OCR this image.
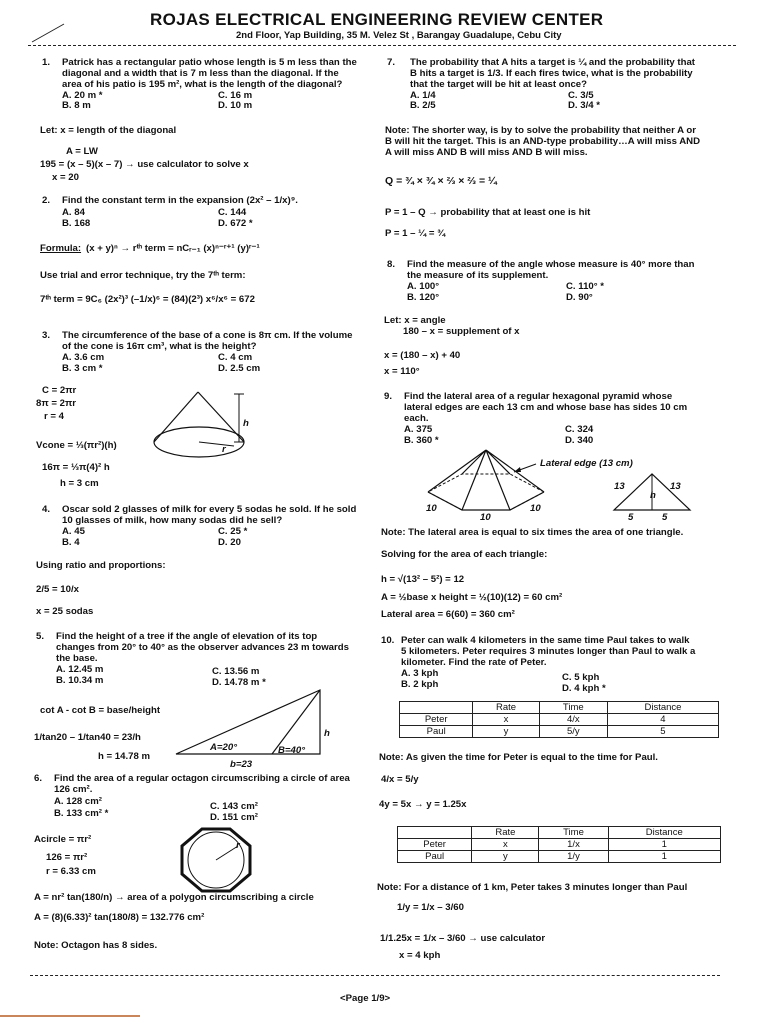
ROJAS ELECTRICAL ENGINEERING REVIEW CENTER
2nd Floor, Yap Building, 35 M. Velez St , Barangay Guadalupe, Cebu City
1. Patrick has a rectangular patio whose length is 5 m less than the
diagonal and a width that is 7 m less than the diagonal. If the
area of his patio is 195 m², what is the length of the diagonal?
A. 20 m *
B. 8 m
C. 16 m
D. 10 m
Let: x = length of the diagonal
A = LW
195 = (x – 5)(x – 7) → use calculator to solve x
x = 20
2. Find the constant term in the expansion (2x² – 1/x)⁹.
A. 84
B. 168
C. 144
D. 672 *
Formula: (x + y)ⁿ → rᵗʰ term = nCᵣ₋₁ (x)ⁿ⁻ʳ⁺¹ (y)ʳ⁻¹
Use trial and error technique, try the 7ᵗʰ term:
7ᵗʰ term = 9C₆ (2x²)³ (–1/x)⁶ = (84)(2³) x⁶/x⁶ = 672
3. The circumference of the base of a cone is 8π cm. If the volume
of the cone is 16π cm³, what is the height?
A. 3.6 cm
B. 3 cm *
C. 4 cm
D. 2.5 cm
C = 2πr
8π = 2πr
r = 4
Vcone = ⅓(πr²)(h)
16π = ⅓π(4)² h
h = 3 cm
h
r
4. Oscar sold 2 glasses of milk for every 5 sodas he sold. If he sold
10 glasses of milk, how many sodas did he sell?
A. 45
B. 4
C. 25 *
D. 20
Using ratio and proportions:
2/5 = 10/x
x = 25 sodas
5. Find the height of a tree if the angle of elevation of its top
changes from 20° to 40° as the observer advances 23 m towards
the base.
A. 12.45 m
B. 10.34 m
C. 13.56 m
D. 14.78 m *
cot A - cot B = base/height
1/tan20 – 1/tan40 = 23/h
h = 14.78 m
A=20°	B=40°
b=23
h
6. Find the area of a regular octagon circumscribing a circle of area
126 cm².
A. 128 cm²
B. 133 cm² *
C. 143 cm²
D. 151 cm²
Acircle = πr²
126 = πr²
r = 6.33 cm
A = nr² tan(180/n) → area of a polygon circumscribing a circle
A = (8)(6.33)² tan(180/8) = 132.776 cm²
Note: Octagon has 8 sides.
r
7. The probability that A hits a target is ¼ and the probability that
B hits a target is 1/3. If each fires twice, what is the probability
that the target will be hit at least once?
A. 1/4
B. 2/5
C. 3/5
D. 3/4 *
Note: The shorter way, is by to solve the probability that neither A or
B will hit the target. This is an AND-type probability…A will miss AND
A will miss AND B will miss AND B will miss.
Q = ¾ × ¾ × ⅔ × ⅔ = ¼
P = 1 – Q → probability that at least one is hit
P = 1 – ¼ = ¾
8. Find the measure of the angle whose measure is 40° more than
the measure of its supplement.
A. 100°
B. 120°
C. 110° *
D. 90°
Let: x = angle
180 – x = supplement of x
x = (180 – x) + 40
x = 110°
9. Find the lateral area of a regular hexagonal pyramid whose
lateral edges are each 13 cm and whose base has sides 10 cm
each.
A. 375
B. 360 *
C. 324
D. 340
Lateral edge (13 cm)
10
10
10
13	13
h
5	5
Note: The lateral area is equal to six times the area of one triangle.
Solving for the area of each triangle:
h = √(13² – 5²) = 12
A = ½base x height = ½(10)(12) = 60 cm²
Lateral area = 6(60) = 360 cm²
10. Peter can walk 4 kilometers in the same time Paul takes to walk
5 kilometers. Peter requires 3 minutes longer than Paul to walk a
kilometer. Find the rate of Peter.
A. 3 kph
B. 2 kph
C. 5 kph
D. 4 kph *
	Rate	Time	Distance
Peter	x	4/x	4
Paul	y	5/y	5
Note: As given the time for Peter is equal to the time for Paul.
4/x = 5/y
4y = 5x → y = 1.25x
	Rate	Time	Distance
Peter	x	1/x	1
Paul	y	1/y	1
Note: For a distance of 1 km, Peter takes 3 minutes longer than Paul
1/y = 1/x – 3/60
1/1.25x = 1/x – 3/60 → use calculator
x = 4 kph
<Page 1/9>
